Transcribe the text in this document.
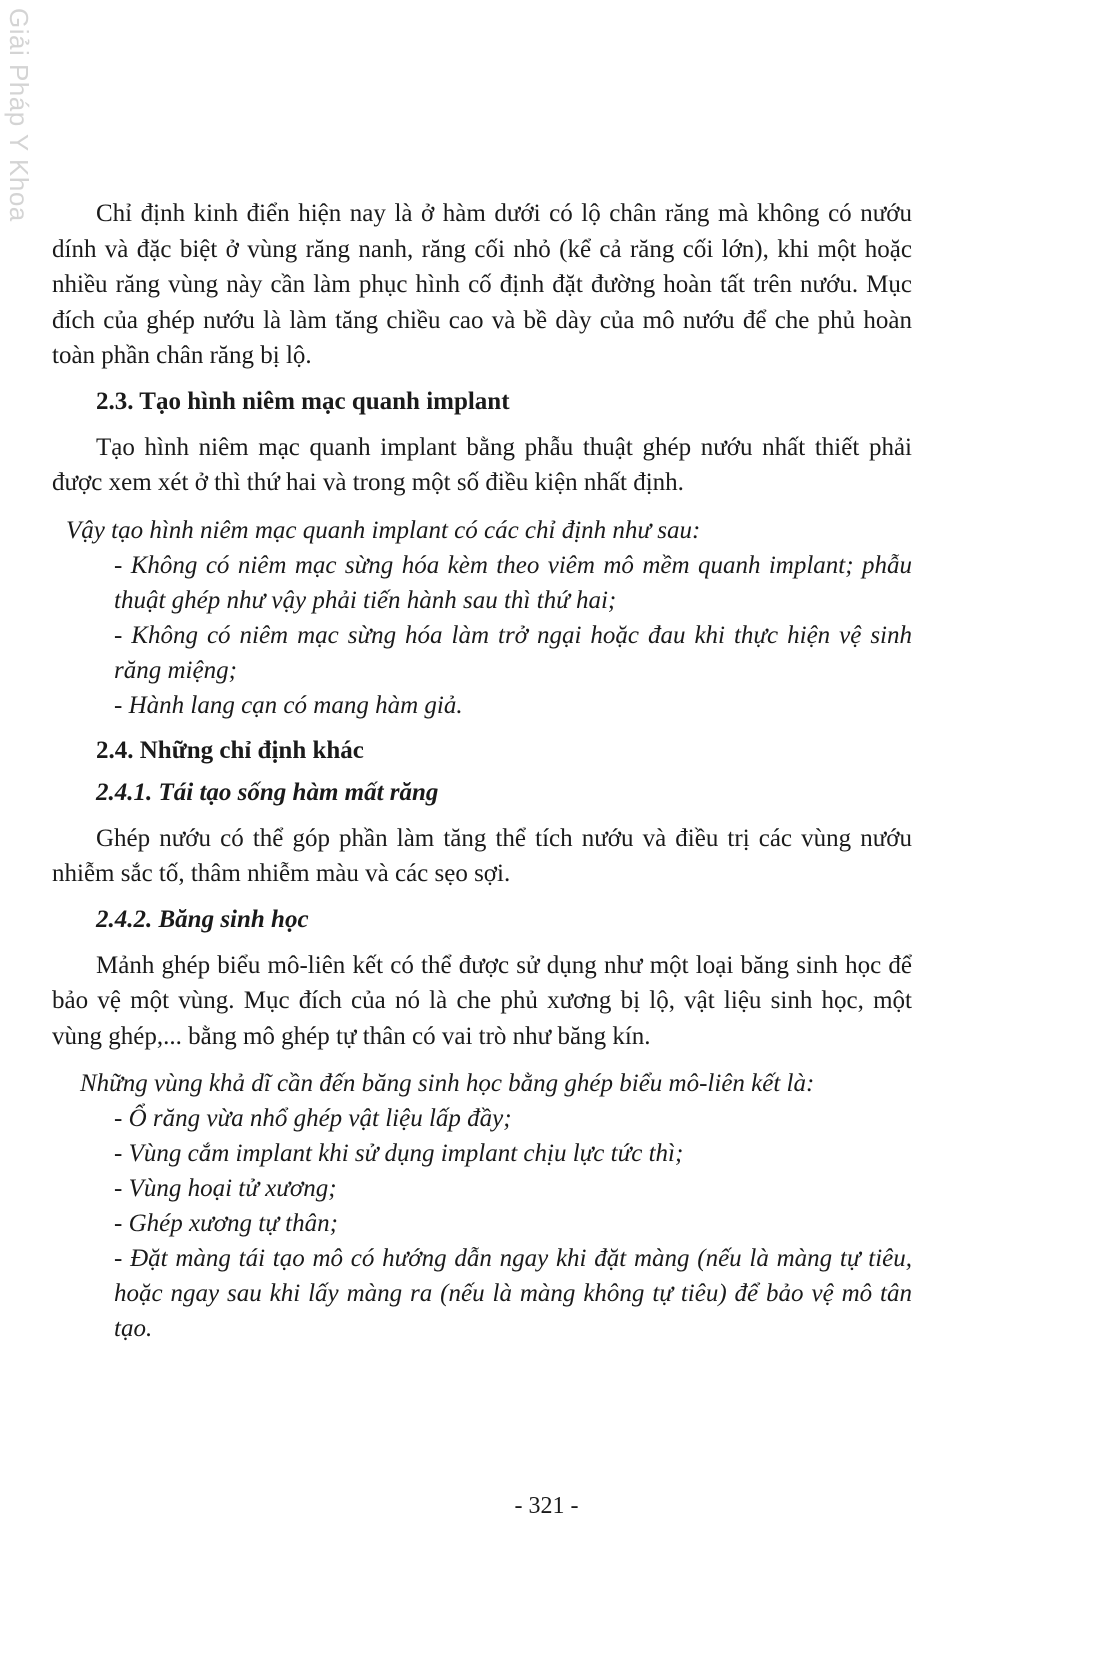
Giải Pháp Y Khoa	Chỉ định kinh điển hiện nay là ở hàm dưới có lộ chân răng mà không có nướu dính và đặc biệt ở vùng răng nanh, răng cối nhỏ (kể cả răng cối lớn), khi một hoặc nhiều răng vùng này cần làm phục hình cố định đặt đường hoàn tất trên nướu. Mục đích của ghép nướu là làm tăng chiều cao và bề dày của mô nướu để che phủ hoàn toàn phần chân răng bị lộ.

2.3. Tạo hình niêm mạc quanh implant

Tạo hình niêm mạc quanh implant bằng phẫu thuật ghép nướu nhất thiết phải được xem xét ở thì thứ hai và trong một số điều kiện nhất định.

Vậy tạo hình niêm mạc quanh implant có các chỉ định như sau:

- Không có niêm mạc sừng hóa kèm theo viêm mô mềm quanh implant; phẫu thuật ghép như vậy phải tiến hành sau thì thứ hai;
- Không có niêm mạc sừng hóa làm trở ngại hoặc đau khi thực hiện vệ sinh răng miệng;
- Hành lang cạn có mang hàm giả.

2.4. Những chỉ định khác

2.4.1. Tái tạo sống hàm mất răng

Ghép nướu có thể góp phần làm tăng thể tích nướu và điều trị các vùng nướu nhiễm sắc tố, thâm nhiễm màu và các sẹo sợi.

2.4.2. Băng sinh học

Mảnh ghép biểu mô-liên kết có thể được sử dụng như một loại băng sinh học để bảo vệ một vùng. Mục đích của nó là che phủ xương bị lộ, vật liệu sinh học, một vùng ghép,... bằng mô ghép tự thân có vai trò như băng kín.

Những vùng khả dĩ cần đến băng sinh học bằng ghép biểu mô-liên kết là:

- Ổ răng vừa nhổ ghép vật liệu lấp đầy;
- Vùng cắm implant khi sử dụng implant chịu lực tức thì;
- Vùng hoại tử xương;
- Ghép xương tự thân;
- Đặt màng tái tạo mô có hướng dẫn ngay khi đặt màng (nếu là màng tự tiêu, hoặc ngay sau khi lấy màng ra (nếu là màng không tự tiêu) để bảo vệ mô tân tạo.
- 321 -
